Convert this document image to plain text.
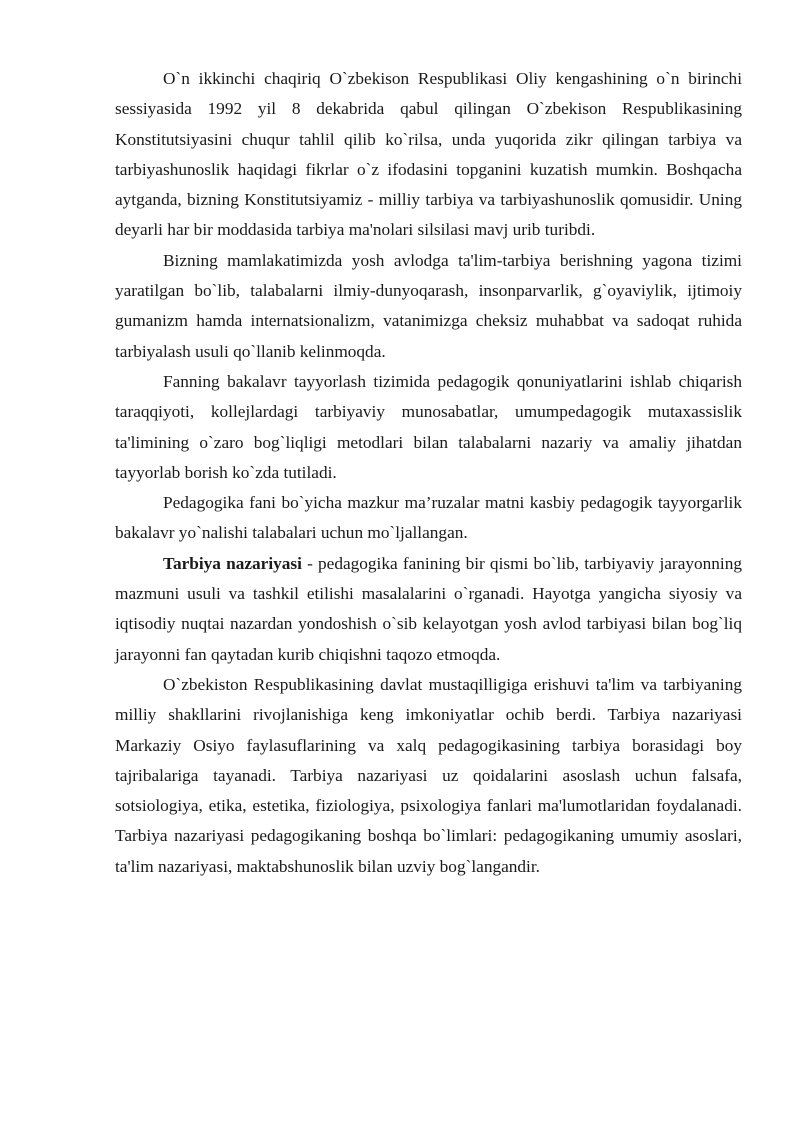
O`n ikkinchi chaqiriq O`zbekison Respublikasi Oliy kengashining o`n birinchi sessiyasida 1992 yil 8 dekabrida qabul qilingan O`zbekison Respublikasining Konstitutsiyasini chuqur tahlil qilib ko`rilsa, unda yuqorida zikr qilingan tarbiya va tarbiyashunoslik haqidagi fikrlar o`z ifodasini topganini kuzatish mumkin. Boshqacha aytganda, bizning Konstitutsiyamiz - milliy tarbiya va tarbiyashunoslik qomusidir. Uning deyarli har bir moddasida tarbiya ma'nolari silsilasi mavj urib turibdi.

Bizning mamlakatimizda yosh avlodga ta'lim-tarbiya berishning yagona tizimi yaratilgan bo`lib, talabalarni ilmiy-dunyoqarash, insonparvarlik, g`oyaviylik, ijtimoiy gumanizm hamda internatsionalizm, vatanimizga cheksiz muhabbat va sadoqat ruhida tarbiyalash usuli qo`llanib kelinmoqda.

Fanning bakalavr tayyorlash tizimida pedagogik qonuniyatlarini ishlab chiqarish taraqqiyoti, kollejlardagi tarbiyaviy munosabatlar, umumpedagogik mutaxassislik ta'limining o`zaro bog`liqligi metodlari bilan talabalarni nazariy va amaliy jihatdan tayyorlab borish ko`zda tutiladi.

Pedagogika fani bo`yicha mazkur ma’ruzalar matni kasbiy pedagogik tayyorgarlik bakalavr yo`nalishi talabalari uchun mo`ljallangan.

Tarbiya nazariyasi - pedagogika fanining bir qismi bo`lib, tarbiyaviy jarayonning mazmuni usuli va tashkil etilishi masalalarini o`rganadi. Hayotga yangicha siyosiy va iqtisodiy nuqtai nazardan yondoshish o`sib kelayotgan yosh avlod tarbiyasi bilan bog`liq jarayonni fan qaytadan kurib chiqishni taqozo etmoqda.

O`zbekiston Respublikasining davlat mustaqilligiga erishuvi ta'lim va tarbiyaning milliy shakllarini rivojlanishiga keng imkoniyatlar ochib berdi. Tarbiya nazariyasi Markaziy Osiyo faylasuflarining va xalq pedagogikasining tarbiya borasidagi boy tajribalariga tayanadi. Tarbiya nazariyasi uz qoidalarini asoslash uchun falsafa, sotsiologiya, etika, estetika, fiziologiya, psixologiya fanlari ma'lumotlaridan foydalanadi. Tarbiya nazariyasi pedagogikaning boshqa bo`limlari: pedagogikaning umumiy asoslari, ta'lim nazariyasi, maktabshunoslik bilan uzviy bog`langandir.
